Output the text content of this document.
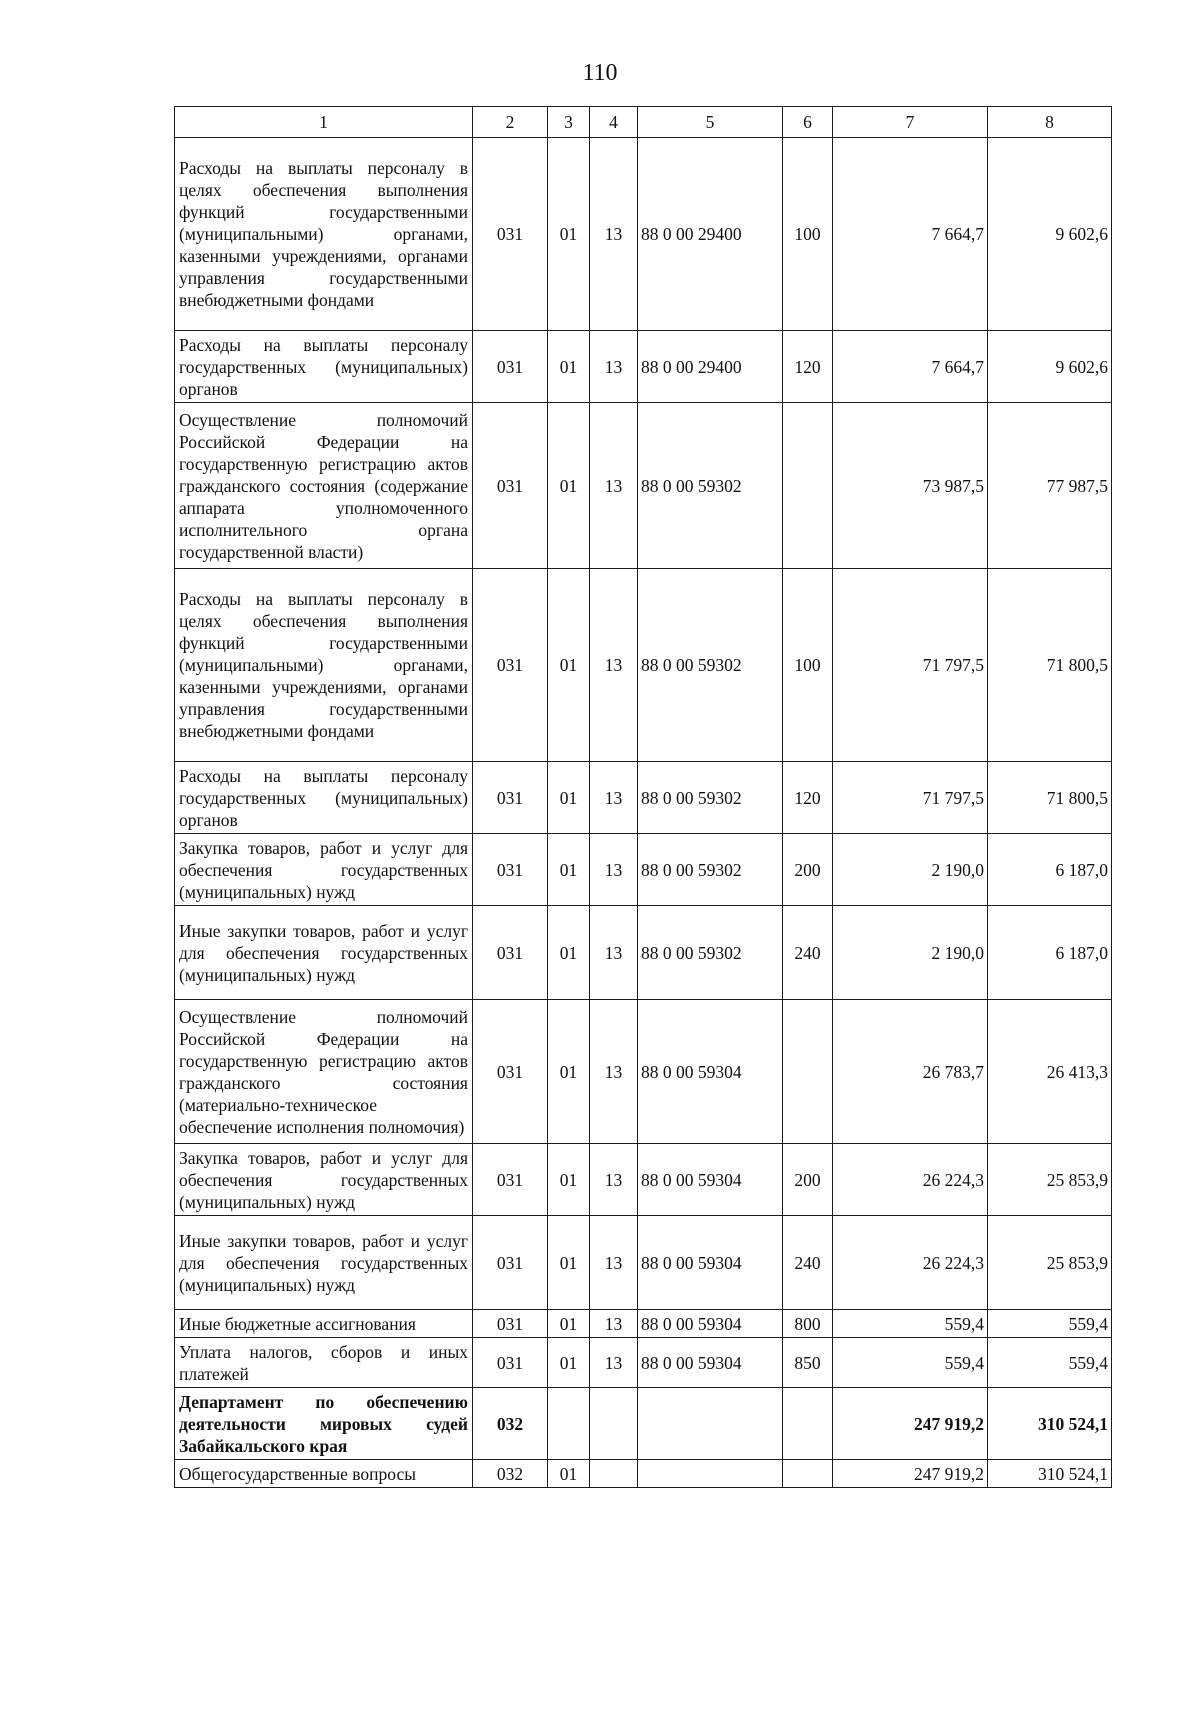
110
1	2	3	4	5	6	7	8
Расходы на выплаты персоналу в целях обеспечения выполнения функций государственными (муниципальными) органами, казенными учреждениями, органами управления государственными внебюджетными фондами	031	01	13	88 0 00 29400	100	7 664,7	9 602,6
Расходы на выплаты персоналу государственных (муниципальных) органов	031	01	13	88 0 00 29400	120	7 664,7	9 602,6
Осуществление полномочий Российской Федерации на государственную регистрацию актов гражданского состояния (содержание аппарата уполномоченного исполнительного органа государственной власти)	031	01	13	88 0 00 59302		73 987,5	77 987,5
Расходы на выплаты персоналу в целях обеспечения выполнения функций государственными (муниципальными) органами, казенными учреждениями, органами управления государственными внебюджетными фондами	031	01	13	88 0 00 59302	100	71 797,5	71 800,5
Расходы на выплаты персоналу государственных (муниципальных) органов	031	01	13	88 0 00 59302	120	71 797,5	71 800,5
Закупка товаров, работ и услуг для обеспечения государственных (муниципальных) нужд	031	01	13	88 0 00 59302	200	2 190,0	6 187,0
Иные закупки товаров, работ и услуг для обеспечения государственных (муниципальных) нужд	031	01	13	88 0 00 59302	240	2 190,0	6 187,0
Осуществление полномочий Российской Федерации на государственную регистрацию актов гражданского состояния (материально-техническое обеспечение исполнения полномочия)	031	01	13	88 0 00 59304		26 783,7	26 413,3
Закупка товаров, работ и услуг для обеспечения государственных (муниципальных) нужд	031	01	13	88 0 00 59304	200	26 224,3	25 853,9
Иные закупки товаров, работ и услуг для обеспечения государственных (муниципальных) нужд	031	01	13	88 0 00 59304	240	26 224,3	25 853,9
Иные бюджетные ассигнования	031	01	13	88 0 00 59304	800	559,4	559,4
Уплата налогов, сборов и иных платежей	031	01	13	88 0 00 59304	850	559,4	559,4
Департамент по обеспечению деятельности мировых судей Забайкальского края	032					247 919,2	310 524,1
Общегосударственные вопросы	032	01				247 919,2	310 524,1
